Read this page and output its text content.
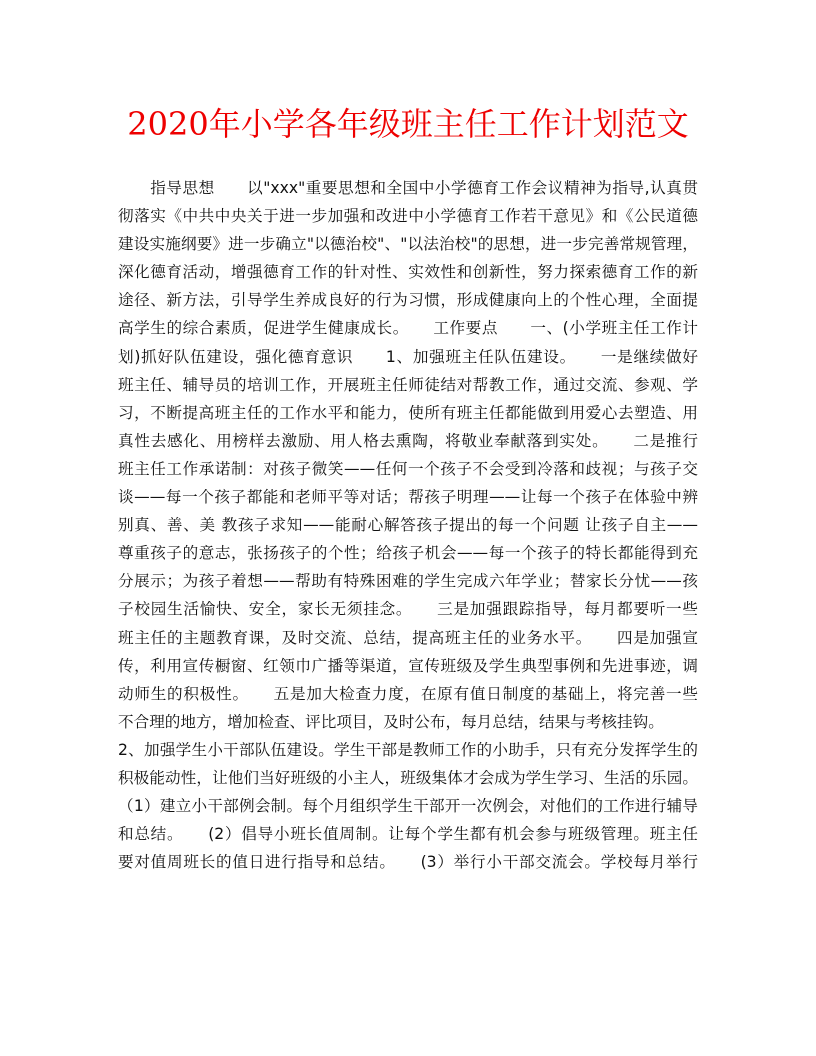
2020年小学各年级班主任工作计划范文
　　指导思想　　以"xxx"重要思想和全国中小学德育工作会议精神为指导,认真贯
彻落实《中共中央关于进一步加强和改进中小学德育工作若干意见》和《公民道德
建设实施纲要》进一步确立"以德治校"、"以法治校"的思想，进一步完善常规管理，
深化德育活动，增强德育工作的针对性、实效性和创新性，努力探索德育工作的新
途径、新方法，引导学生养成良好的行为习惯，形成健康向上的个性心理，全面提
高学生的综合素质，促进学生健康成长。　　工作要点　　一、(小学班主任工作计
划)抓好队伍建设，强化德育意识　　1、加强班主任队伍建设。　　一是继续做好
班主任、辅导员的培训工作，开展班主任师徒结对帮教工作，通过交流、参观、学
习，不断提高班主任的工作水平和能力，使所有班主任都能做到用爱心去塑造、用
真性去感化、用榜样去激励、用人格去熏陶，将敬业奉献落到实处。　　二是推行
班主任工作承诺制：对孩子微笑——任何一个孩子不会受到冷落和歧视；与孩子交
谈——每一个孩子都能和老师平等对话；帮孩子明理——让每一个孩子在体验中辨
别真、善、美 教孩子求知——能耐心解答孩子提出的每一个问题 让孩子自主——
尊重孩子的意志，张扬孩子的个性；给孩子机会——每一个孩子的特长都能得到充
分展示；为孩子着想——帮助有特殊困难的学生完成六年学业；替家长分忧——孩
子校园生活愉快、安全，家长无须挂念。　　三是加强跟踪指导，每月都要听一些
班主任的主题教育课，及时交流、总结，提高班主任的业务水平。　　四是加强宣
传，利用宣传橱窗、红领巾广播等渠道，宣传班级及学生典型事例和先进事迹，调
动师生的积极性。　　五是加大检查力度，在原有值日制度的基础上，将完善一些
不合理的地方，增加检查、评比项目，及时公布，每月总结，结果与考核挂钩。
2、加强学生小干部队伍建设。学生干部是教师工作的小助手，只有充分发挥学生的
积极能动性，让他们当好班级的小主人，班级集体才会成为学生学习、生活的乐园。
（1）建立小干部例会制。每个月组织学生干部开一次例会，对他们的工作进行辅导
和总结。　　(2）倡导小班长值周制。让每个学生都有机会参与班级管理。班主任
要对值周班长的值日进行指导和总结。　　(3）举行小干部交流会。学校每月举行
